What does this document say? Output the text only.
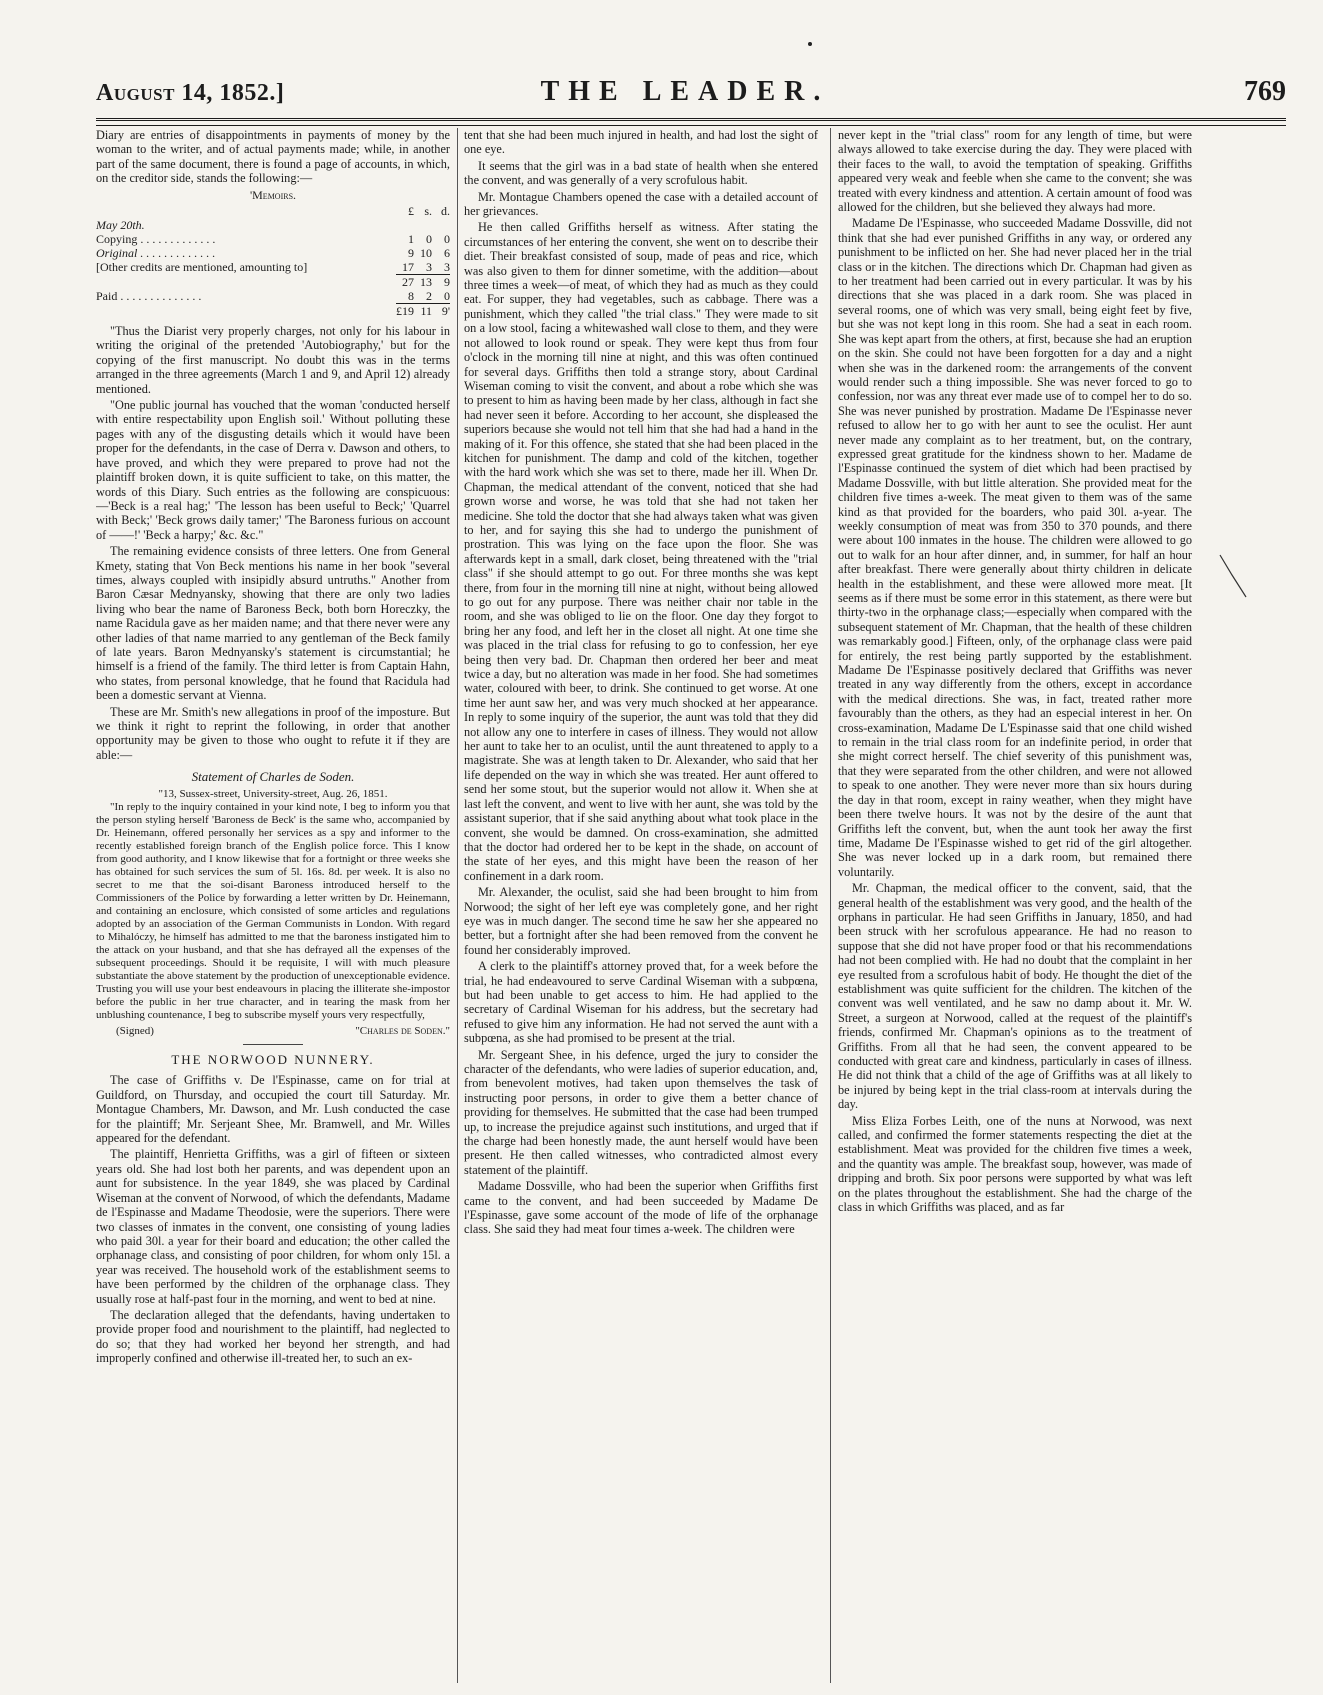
August 14, 1852.]	THE LEADER.	769

Diary are entries of disappointments in payments of money by the woman to the writer, and of actual payments made; while, in another part of the same document, there is found a page of accounts, in which, on the creditor side, stands the following:—

'Memoirs.
	£	s.	d.
May 20th.			
Copying . . . . . . . . . . . . .	1	0	0
Original . . . . . . . . . . . . .	9	10	6
[Other credits are mentioned, amounting to]	17	3	3
	27	13	9
Paid . . . . . . . . . . . . . .	8	2	0
	£19	11	9'

"Thus the Diarist very properly charges, not only for his labour in writing the original of the pretended 'Autobiography,' but for the copying of the first manuscript. No doubt this was in the terms arranged in the three agreements (March 1 and 9, and April 12) already mentioned.

"One public journal has vouched that the woman 'conducted herself with entire respectability upon English soil.' Without polluting these pages with any of the disgusting details which it would have been proper for the defendants, in the case of Derra v. Dawson and others, to have proved, and which they were prepared to prove had not the plaintiff broken down, it is quite sufficient to take, on this matter, the words of this Diary. Such entries as the following are conspicuous:—'Beck is a real hag;' 'The lesson has been useful to Beck;' 'Quarrel with Beck;' 'Beck grows daily tamer;' 'The Baroness furious on account of ——!' 'Beck a harpy;' &c. &c."

The remaining evidence consists of three letters. One from General Kmety, stating that Von Beck mentions his name in her book "several times, always coupled with insipidly absurd untruths." Another from Baron Cæsar Mednyansky, showing that there are only two ladies living who bear the name of Baroness Beck, both born Horeczky, the name Racidula gave as her maiden name; and that there never were any other ladies of that name married to any gentleman of the Beck family of late years. Baron Mednyansky's statement is circumstantial; he himself is a friend of the family. The third letter is from Captain Hahn, who states, from personal knowledge, that he found that Racidula had been a domestic servant at Vienna.

These are Mr. Smith's new allegations in proof of the imposture. But we think it right to reprint the following, in order that another opportunity may be given to those who ought to refute it if they are able:—

Statement of Charles de Soden.
"13, Sussex-street, University-street, Aug. 26, 1851.

"In reply to the inquiry contained in your kind note, I beg to inform you that the person styling herself 'Baroness de Beck' is the same who, accompanied by Dr. Heinemann, offered personally her services as a spy and informer to the recently established foreign branch of the English police force. This I know from good authority, and I know likewise that for a fortnight or three weeks she has obtained for such services the sum of 5l. 16s. 8d. per week. It is also no secret to me that the soi-disant Baroness introduced herself to the Commissioners of the Police by forwarding a letter written by Dr. Heinemann, and containing an enclosure, which consisted of some articles and regulations adopted by an association of the German Communists in London. With regard to Mihalóczy, he himself has admitted to me that the baroness instigated him to the attack on your husband, and that she has defrayed all the expenses of the subsequent proceedings. Should it be requisite, I will with much pleasure substantiate the above statement by the production of unexceptionable evidence. Trusting you will use your best endeavours in placing the illiterate she-impostor before the public in her true character, and in tearing the mask from her unblushing countenance, I beg to subscribe myself yours very respectfully,

(Signed)	"Charles de Soden."
THE NORWOOD NUNNERY.

The case of Griffiths v. De l'Espinasse, came on for trial at Guildford, on Thursday, and occupied the court till Saturday. Mr. Montague Chambers, Mr. Dawson, and Mr. Lush conducted the case for the plaintiff; Mr. Serjeant Shee, Mr. Bramwell, and Mr. Willes appeared for the defendant.

The plaintiff, Henrietta Griffiths, was a girl of fifteen or sixteen years old. She had lost both her parents, and was dependent upon an aunt for subsistence. In the year 1849, she was placed by Cardinal Wiseman at the convent of Norwood, of which the defendants, Madame de l'Espinasse and Madame Theodosie, were the superiors. There were two classes of inmates in the convent, one consisting of young ladies who paid 30l. a year for their board and education; the other called the orphanage class, and consisting of poor children, for whom only 15l. a year was received. The household work of the establishment seems to have been performed by the children of the orphanage class. They usually rose at half-past four in the morning, and went to bed at nine.

The declaration alleged that the defendants, having undertaken to provide proper food and nourishment to the plaintiff, had neglected to do so; that they had worked her beyond her strength, and had improperly confined and otherwise ill-treated her, to such an ex-

tent that she had been much injured in health, and had lost the sight of one eye.

It seems that the girl was in a bad state of health when she entered the convent, and was generally of a very scrofulous habit.

Mr. Montague Chambers opened the case with a detailed account of her grievances.

He then called Griffiths herself as witness. After stating the circumstances of her entering the convent, she went on to describe their diet. Their breakfast consisted of soup, made of peas and rice, which was also given to them for dinner sometime, with the addition—about three times a week—of meat, of which they had as much as they could eat. For supper, they had vegetables, such as cabbage. There was a punishment, which they called "the trial class." They were made to sit on a low stool, facing a whitewashed wall close to them, and they were not allowed to look round or speak. They were kept thus from four o'clock in the morning till nine at night, and this was often continued for several days. Griffiths then told a strange story, about Cardinal Wiseman coming to visit the convent, and about a robe which she was to present to him as having been made by her class, although in fact she had never seen it before. According to her account, she displeased the superiors because she would not tell him that she had had a hand in the making of it. For this offence, she stated that she had been placed in the kitchen for punishment. The damp and cold of the kitchen, together with the hard work which she was set to there, made her ill. When Dr. Chapman, the medical attendant of the convent, noticed that she had grown worse and worse, he was told that she had not taken her medicine. She told the doctor that she had always taken what was given to her, and for saying this she had to undergo the punishment of prostration. This was lying on the face upon the floor. She was afterwards kept in a small, dark closet, being threatened with the "trial class" if she should attempt to go out. For three months she was kept there, from four in the morning till nine at night, without being allowed to go out for any purpose. There was neither chair nor table in the room, and she was obliged to lie on the floor. One day they forgot to bring her any food, and left her in the closet all night. At one time she was placed in the trial class for refusing to go to confession, her eye being then very bad. Dr. Chapman then ordered her beer and meat twice a day, but no alteration was made in her food. She had sometimes water, coloured with beer, to drink. She continued to get worse. At one time her aunt saw her, and was very much shocked at her appearance. In reply to some inquiry of the superior, the aunt was told that they did not allow any one to interfere in cases of illness. They would not allow her aunt to take her to an oculist, until the aunt threatened to apply to a magistrate. She was at length taken to Dr. Alexander, who said that her life depended on the way in which she was treated. Her aunt offered to send her some stout, but the superior would not allow it. When she at last left the convent, and went to live with her aunt, she was told by the assistant superior, that if she said anything about what took place in the convent, she would be damned. On cross-examination, she admitted that the doctor had ordered her to be kept in the shade, on account of the state of her eyes, and this might have been the reason of her confinement in a dark room.

Mr. Alexander, the oculist, said she had been brought to him from Norwood; the sight of her left eye was completely gone, and her right eye was in much danger. The second time he saw her she appeared no better, but a fortnight after she had been removed from the convent he found her considerably improved.

A clerk to the plaintiff's attorney proved that, for a week before the trial, he had endeavoured to serve Cardinal Wiseman with a subpœna, but had been unable to get access to him. He had applied to the secretary of Cardinal Wiseman for his address, but the secretary had refused to give him any information. He had not served the aunt with a subpœna, as she had promised to be present at the trial.

Mr. Sergeant Shee, in his defence, urged the jury to consider the character of the defendants, who were ladies of superior education, and, from benevolent motives, had taken upon themselves the task of instructing poor persons, in order to give them a better chance of providing for themselves. He submitted that the case had been trumped up, to increase the prejudice against such institutions, and urged that if the charge had been honestly made, the aunt herself would have been present. He then called witnesses, who contradicted almost every statement of the plaintiff.

Madame Dossville, who had been the superior when Griffiths first came to the convent, and had been succeeded by Madame De l'Espinasse, gave some account of the mode of life of the orphanage class. She said they had meat four times a-week. The children were

never kept in the "trial class" room for any length of time, but were always allowed to take exercise during the day. They were placed with their faces to the wall, to avoid the temptation of speaking. Griffiths appeared very weak and feeble when she came to the convent; she was treated with every kindness and attention. A certain amount of food was allowed for the children, but she believed they always had more.

Madame De l'Espinasse, who succeeded Madame Dossville, did not think that she had ever punished Griffiths in any way, or ordered any punishment to be inflicted on her. She had never placed her in the trial class or in the kitchen. The directions which Dr. Chapman had given as to her treatment had been carried out in every particular. It was by his directions that she was placed in a dark room. She was placed in several rooms, one of which was very small, being eight feet by five, but she was not kept long in this room. She had a seat in each room. She was kept apart from the others, at first, because she had an eruption on the skin. She could not have been forgotten for a day and a night when she was in the darkened room: the arrangements of the convent would render such a thing impossible. She was never forced to go to confession, nor was any threat ever made use of to compel her to do so. She was never punished by prostration. Madame De l'Espinasse never refused to allow her to go with her aunt to see the oculist. Her aunt never made any complaint as to her treatment, but, on the contrary, expressed great gratitude for the kindness shown to her. Madame de l'Espinasse continued the system of diet which had been practised by Madame Dossville, with but little alteration. She provided meat for the children five times a-week. The meat given to them was of the same kind as that provided for the boarders, who paid 30l. a-year. The weekly consumption of meat was from 350 to 370 pounds, and there were about 100 inmates in the house. The children were allowed to go out to walk for an hour after dinner, and, in summer, for half an hour after breakfast. There were generally about thirty children in delicate health in the establishment, and these were allowed more meat. [It seems as if there must be some error in this statement, as there were but thirty-two in the orphanage class;—especially when compared with the subsequent statement of Mr. Chapman, that the health of these children was remarkably good.] Fifteen, only, of the orphanage class were paid for entirely, the rest being partly supported by the establishment. Madame De l'Espinasse positively declared that Griffiths was never treated in any way differently from the others, except in accordance with the medical directions. She was, in fact, treated rather more favourably than the others, as they had an especial interest in her. On cross-examination, Madame De L'Espinasse said that one child wished to remain in the trial class room for an indefinite period, in order that she might correct herself. The chief severity of this punishment was, that they were separated from the other children, and were not allowed to speak to one another. They were never more than six hours during the day in that room, except in rainy weather, when they might have been there twelve hours. It was not by the desire of the aunt that Griffiths left the convent, but, when the aunt took her away the first time, Madame De l'Espinasse wished to get rid of the girl altogether. She was never locked up in a dark room, but remained there voluntarily.

Mr. Chapman, the medical officer to the convent, said, that the general health of the establishment was very good, and the health of the orphans in particular. He had seen Griffiths in January, 1850, and had been struck with her scrofulous appearance. He had no reason to suppose that she did not have proper food or that his recommendations had not been complied with. He had no doubt that the complaint in her eye resulted from a scrofulous habit of body. He thought the diet of the establishment was quite sufficient for the children. The kitchen of the convent was well ventilated, and he saw no damp about it. Mr. W. Street, a surgeon at Norwood, called at the request of the plaintiff's friends, confirmed Mr. Chapman's opinions as to the treatment of Griffiths. From all that he had seen, the convent appeared to be conducted with great care and kindness, particularly in cases of illness. He did not think that a child of the age of Griffiths was at all likely to be injured by being kept in the trial class-room at intervals during the day.

Miss Eliza Forbes Leith, one of the nuns at Norwood, was next called, and confirmed the former statements respecting the diet at the establishment. Meat was provided for the children five times a week, and the quantity was ample. The breakfast soup, however, was made of dripping and broth. Six poor persons were supported by what was left on the plates throughout the establishment. She had the charge of the class in which Griffiths was placed, and as far
